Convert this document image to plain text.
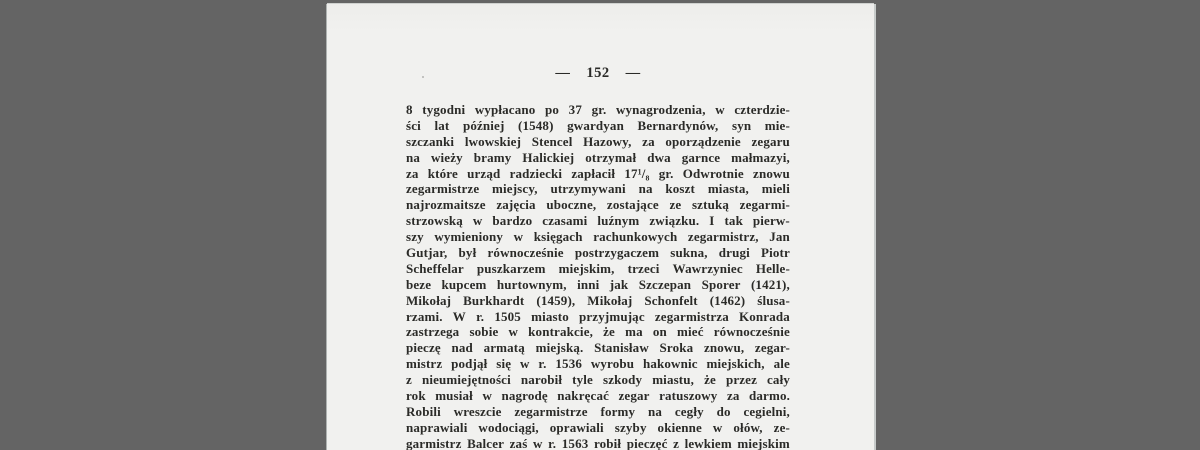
— 152 —
8 tygodni wypłacano po 37 gr. wynagrodzenia, w czterdzie-
ści lat później (1548) gwardyan Bernardynów, syn mie-
szczanki lwowskiej Stencel Hazowy, za oporządzenie zegaru
na wieży bramy Halickiej otrzymał dwa garnce małmazyi,
za które urząd radziecki zapłacił 17¹/₈ gr. Odwrotnie znowu
zegarmistrze miejscy, utrzymywani na koszt miasta, mieli
najrozmaitsze zajęcia uboczne, zostające ze sztuką zegarmi-
strzowską w bardzo czasami luźnym związku. I tak pierw-
szy wymieniony w księgach rachunkowych zegarmistrz, Jan
Gutjar, był równocześnie postrzygaczem sukna, drugi Piotr
Scheffelar puszkarzem miejskim, trzeci Wawrzyniec Helle-
beze kupcem hurtownym, inni jak Szczepan Sporer (1421),
Mikołaj Burkhardt (1459), Mikołaj Schonfelt (1462) ślusa-
rzami. W r. 1505 miasto przyjmując zegarmistrza Konrada
zastrzega sobie w kontrakcie, że ma on mieć równocześnie
pieczę nad armatą miejską. Stanisław Sroka znowu, zegar-
mistrz podjął się w r. 1536 wyrobu hakownic miejskich, ale
z nieumiejętności narobił tyle szkody miastu, że przez cały
rok musiał w nagrodę nakręcać zegar ratuszowy za darmo.
Robili wreszcie zegarmistrze formy na cegły do cegielni,
naprawiali wodociągi, oprawiali szyby okienne w ołów, ze-
garmistrz Balcer zaś w r. 1563 robił pieczęć z lewkiem miejskim
